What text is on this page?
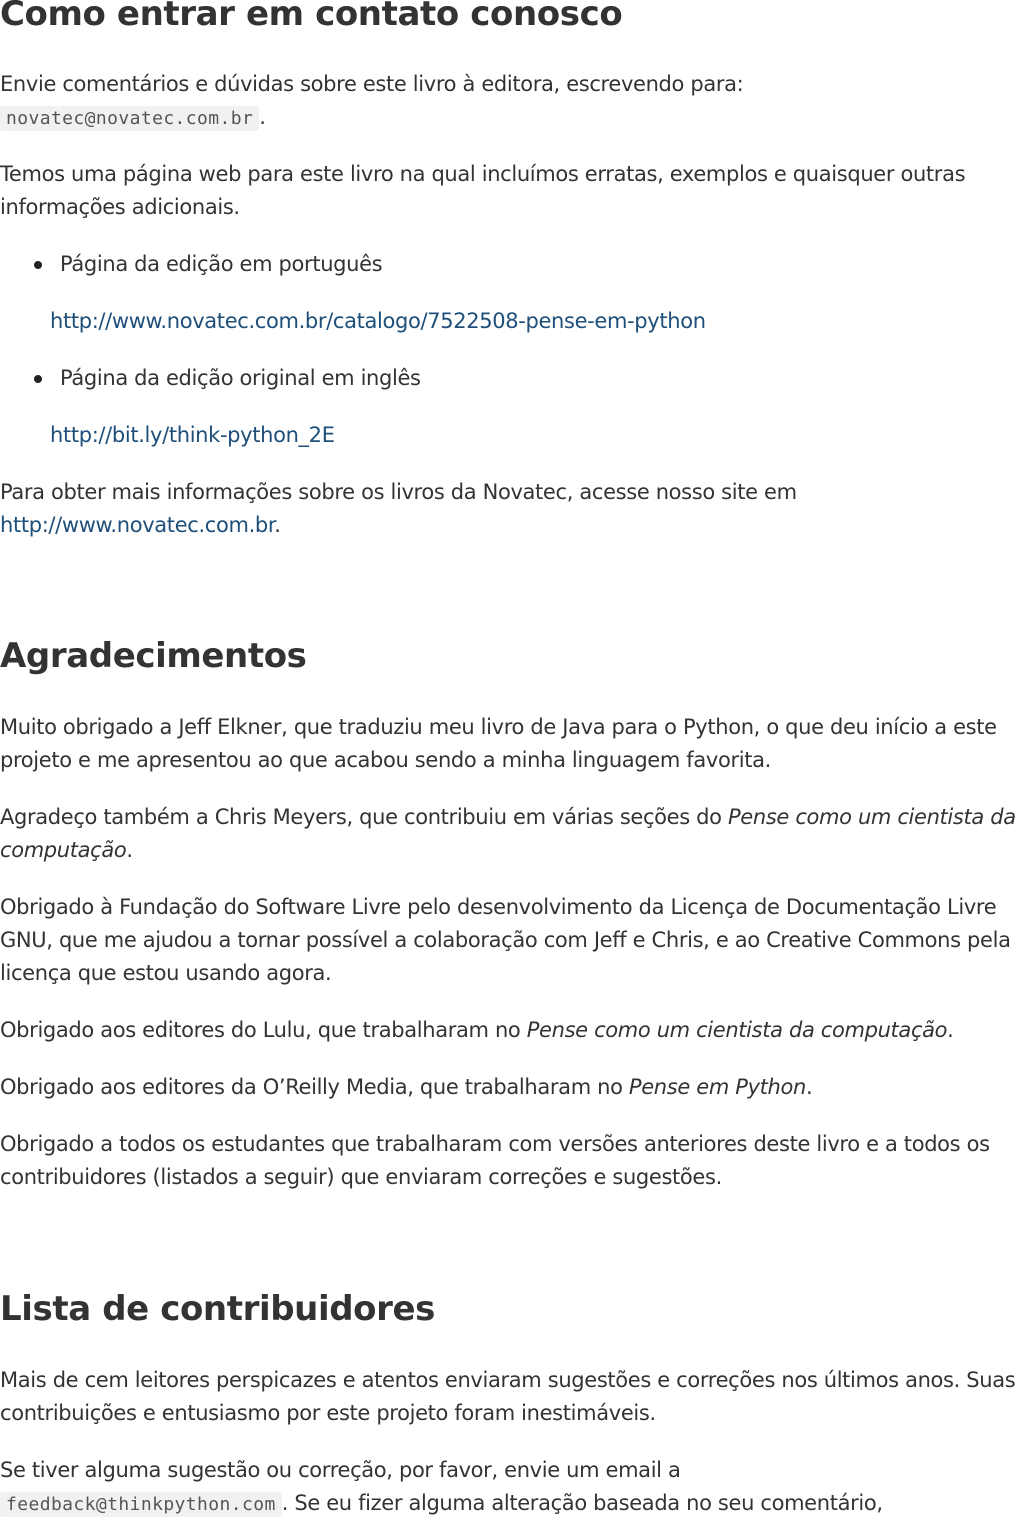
Como entrar em contato conosco

Envie comentários e dúvidas sobre este livro à editora, escrevendo para:
novatec@novatec.com.br .

Temos uma página web para este livro na qual incluímos erratas, exemplos e quaisquer outras informações adicionais.

Página da edição em português
http://www.novatec.com.br/catalogo/7522508-pense-em-python
Página da edição original em inglês
http://bit.ly/think-python_2E

Para obter mais informações sobre os livros da Novatec, acesse nosso site em
http://www.novatec.com.br.

Agradecimentos

Muito obrigado a Jeff Elkner, que traduziu meu livro de Java para o Python, o que deu início a este projeto e me apresentou ao que acabou sendo a minha linguagem favorita.

Agradeço também a Chris Meyers, que contribuiu em várias seções do Pense como um cientista da computação.

Obrigado à Fundação do Software Livre pelo desenvolvimento da Licença de Documentação Livre GNU, que me ajudou a tornar possível a colaboração com Jeff e Chris, e ao Creative Commons pela licença que estou usando agora.

Obrigado aos editores do Lulu, que trabalharam no Pense como um cientista da computação.

Obrigado aos editores da O’Reilly Media, que trabalharam no Pense em Python.

Obrigado a todos os estudantes que trabalharam com versões anteriores deste livro e a todos os contribuidores (listados a seguir) que enviaram correções e sugestões.

Lista de contribuidores

Mais de cem leitores perspicazes e atentos enviaram sugestões e correções nos últimos anos. Suas contribuições e entusiasmo por este projeto foram inestimáveis.

Se tiver alguma sugestão ou correção, por favor, envie um email a
feedback@thinkpython.com . Se eu fizer alguma alteração baseada no seu comentário,
